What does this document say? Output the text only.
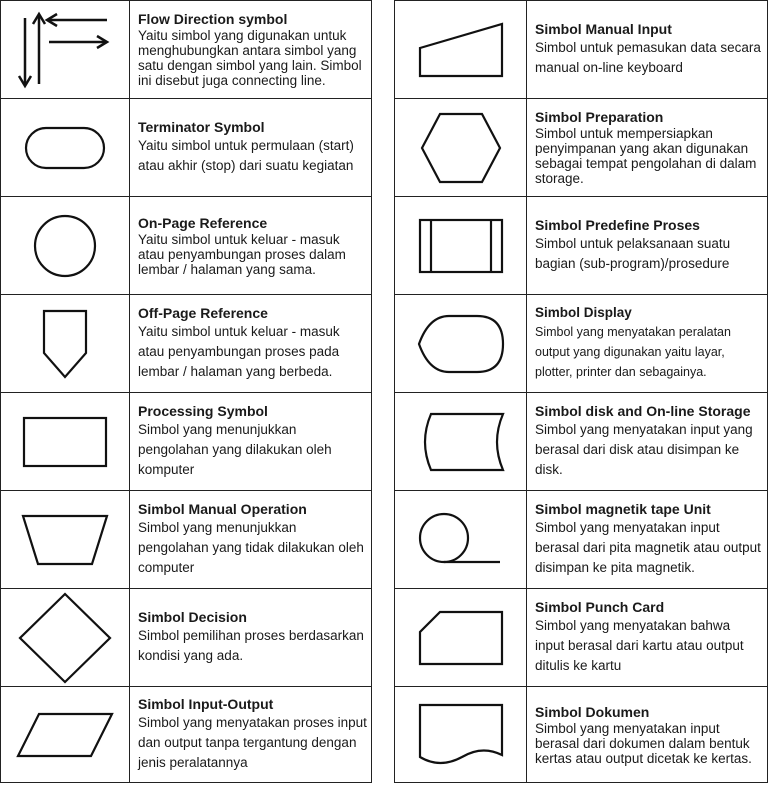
Flow Direction symbol
Yaitu simbol yang digunakan untuk menghubungkan antara simbol yang satu dengan simbol yang lain. Simbol ini disebut juga connecting line.

Terminator Symbol
Yaitu simbol untuk permulaan (start) atau akhir (stop) dari suatu kegiatan

On-Page Reference
Yaitu simbol untuk keluar - masuk atau penyambungan proses dalam lembar / halaman yang sama.

Off-Page Reference
Yaitu simbol untuk keluar - masuk atau penyambungan proses pada lembar / halaman yang berbeda.

Processing Symbol
Simbol yang menunjukkan pengolahan yang dilakukan oleh komputer

Simbol Manual Operation
Simbol yang menunjukkan pengolahan yang tidak dilakukan oleh computer

Simbol Decision
Simbol pemilihan proses berdasarkan kondisi yang ada.

Simbol Input-Output
Simbol yang menyatakan proses input dan output tanpa tergantung dengan jenis peralatannya

Simbol Manual Input
Simbol untuk pemasukan data secara manual on-line keyboard

Simbol Preparation
Simbol untuk mempersiapkan penyimpanan yang akan digunakan sebagai tempat pengolahan di dalam storage.

Simbol Predefine Proses
Simbol untuk pelaksanaan suatu bagian (sub-program)/prosedure

Simbol Display
Simbol yang menyatakan peralatan output yang digunakan yaitu layar, plotter, printer dan sebagainya.

Simbol disk and On-line Storage
Simbol yang menyatakan input yang berasal dari disk atau disimpan ke disk.

Simbol magnetik tape Unit
Simbol yang menyatakan input berasal dari pita magnetik atau output disimpan ke pita magnetik.

Simbol Punch Card
Simbol yang menyatakan bahwa input berasal dari kartu atau output ditulis ke kartu

Simbol Dokumen
Simbol yang menyatakan input berasal dari dokumen dalam bentuk kertas atau output dicetak ke kertas.
